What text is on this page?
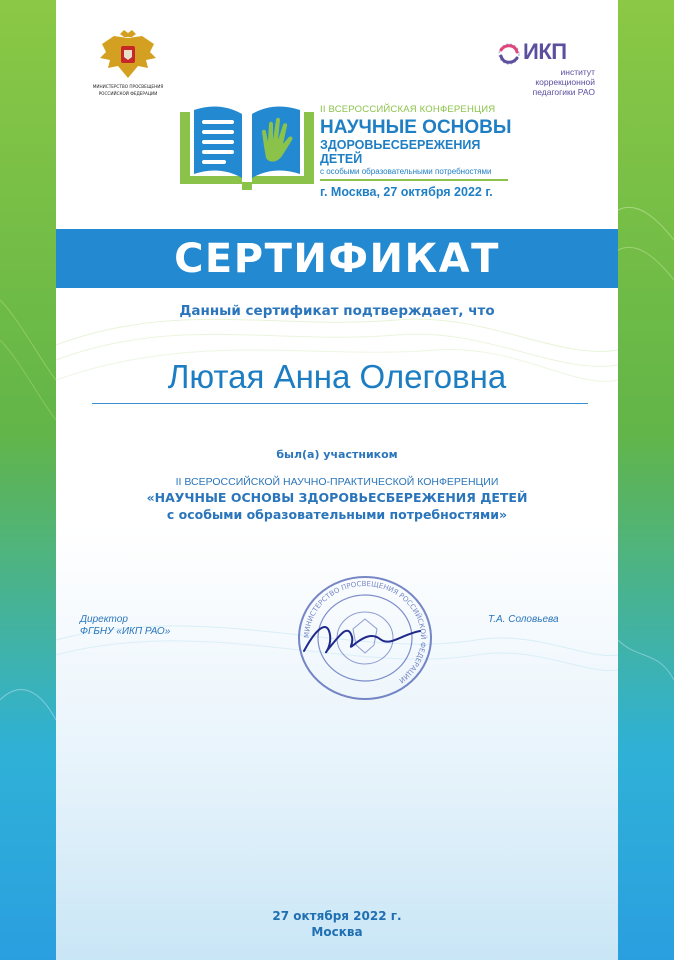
МИНИСТЕРСТВО ПРОСВЕЩЕНИЯ
РОССИЙСКОЙ ФЕДЕРАЦИИ
ИКП
институт
коррекционной
педагогики РАО
II ВСЕРОССИЙСКАЯ КОНФЕРЕНЦИЯ
НАУЧНЫЕ ОСНОВЫ
ЗДОРОВЬЕСБЕРЕЖЕНИЯ ДЕТЕЙ
с особыми образовательными потребностями
г. Москва, 27 октября 2022 г.
СЕРТИФИКАТ
Данный сертификат подтверждает, что
Лютая Анна Олеговна
был(а) участником
II ВСЕРОССИЙСКОЙ НАУЧНО-ПРАКТИЧЕСКОЙ КОНФЕРЕНЦИИ
«НАУЧНЫЕ ОСНОВЫ ЗДОРОВЬЕСБЕРЕЖЕНИЯ ДЕТЕЙ
с особыми образовательными потребностями»
Директор
ФГБНУ «ИКП РАО»
Т.А. Соловьева
МИНИСТЕРСТВО ПРОСВЕЩЕНИЯ РОССИЙСКОЙ ФЕДЕРАЦИИ
27 октября 2022 г.
Москва
